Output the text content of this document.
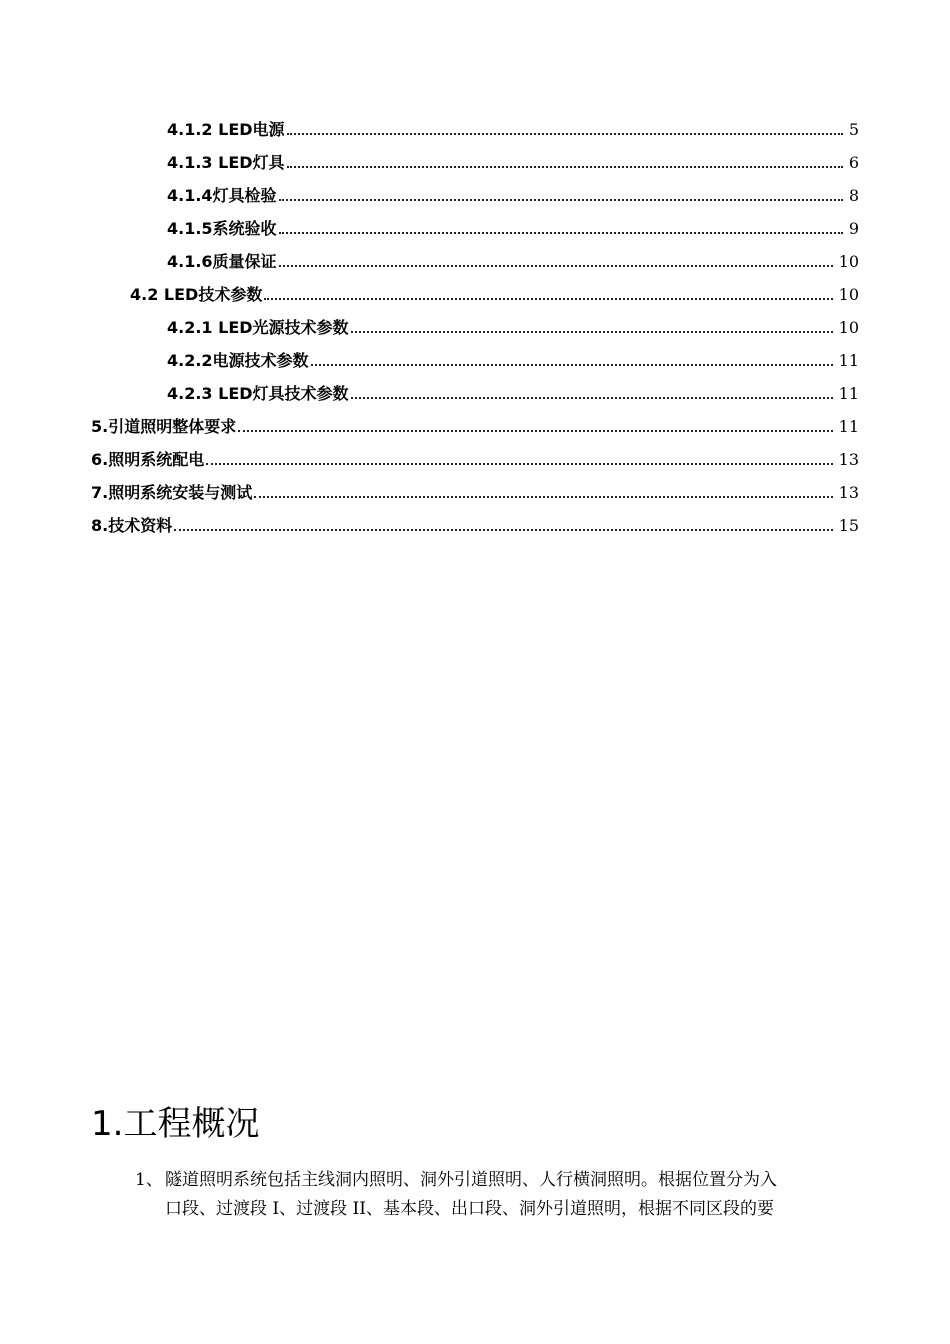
4.1.2 LED电源	5
4.1.3 LED灯具	6
4.1.4灯具检验	8
4.1.5系统验收	9
4.1.6质量保证	10
4.2 LED技术参数	10
4.2.1 LED光源技术参数	10
4.2.2电源技术参数	11
4.2.3 LED灯具技术参数	11
5.引道照明整体要求	11
6.照明系统配电	13
7.照明系统安装与测试	13
8.技术资料	15
1.工程概况
1、 隧道照明系统包括主线洞内照明、洞外引道照明、人行横洞照明。根据位置分为入
口段、过渡段 I、过渡段 II、基本段、出口段、洞外引道照明，根据不同区段的要
